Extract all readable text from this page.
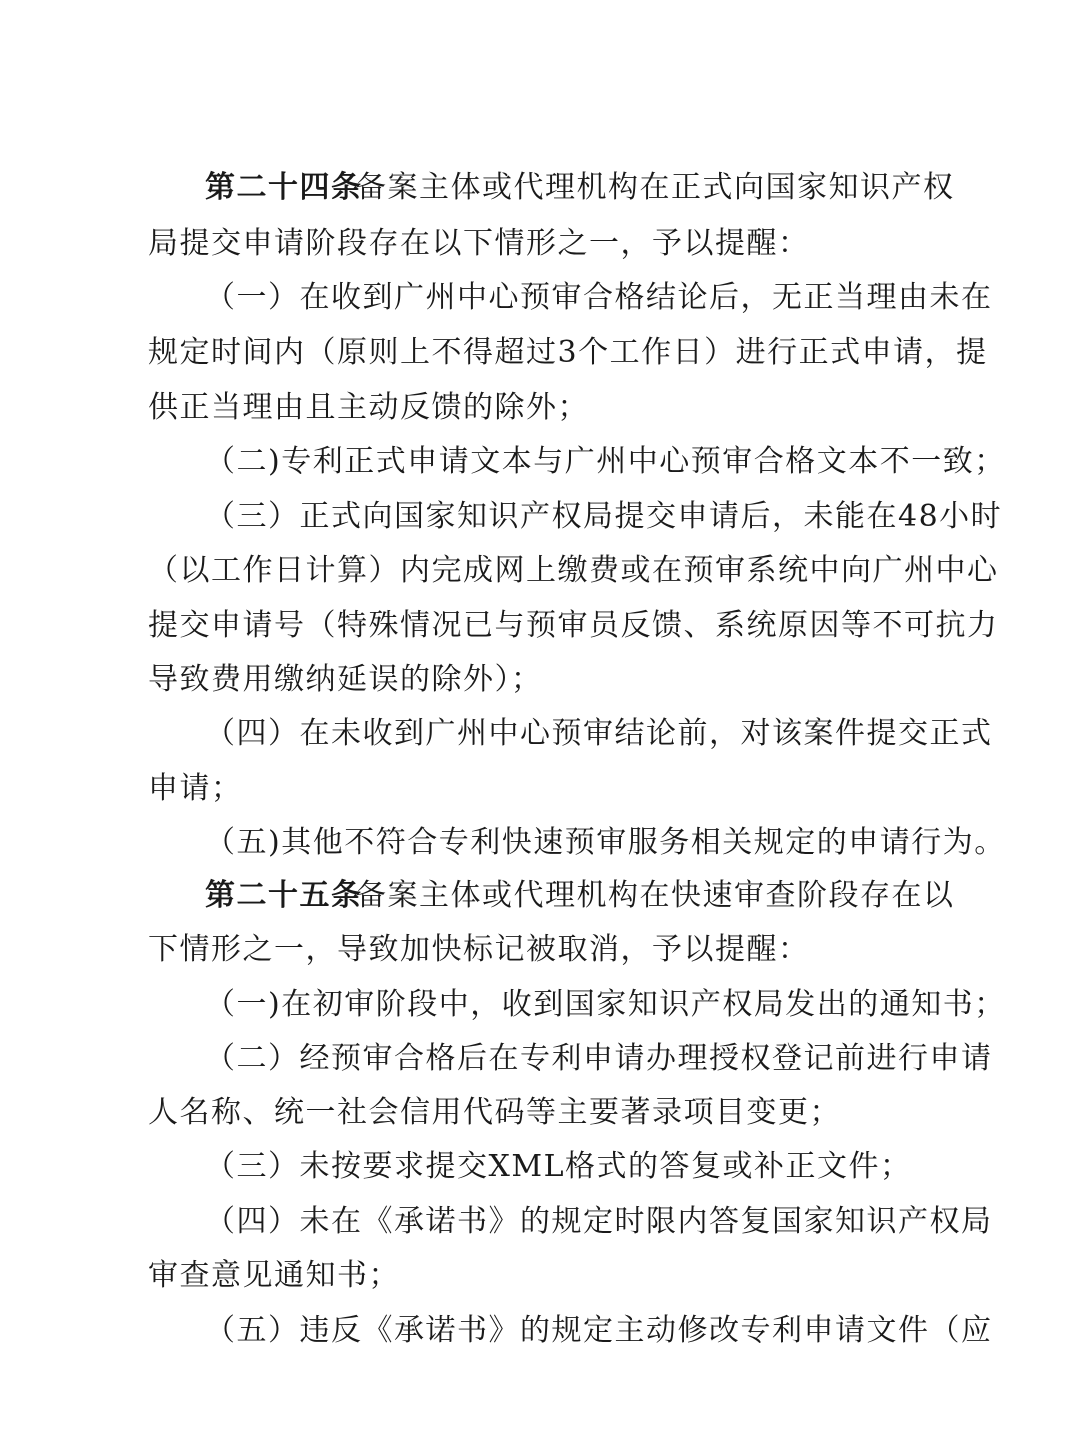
第二十四条
备案主体或代理机构在正式向国家知识产权
局提交申请阶段存在以下情形之一，予以提醒：
（一）在收到广州中心预审合格结论后，无正当理由未在
规定时间内（原则上不得超过3个工作日）进行正式申请，提
供正当理由且主动反馈的除外；
（二)专利正式申请文本与广州中心预审合格文本不一致；
（三）正式向国家知识产权局提交申请后，未能在48小时
（以工作日计算）内完成网上缴费或在预审系统中向广州中心
提交申请号（特殊情况已与预审员反馈、系统原因等不可抗力
导致费用缴纳延误的除外）；
（四）在未收到广州中心预审结论前，对该案件提交正式
申请；
（五)其他不符合专利快速预审服务相关规定的申请行为。
第二十五条
备案主体或代理机构在快速审查阶段存在以
下情形之一，导致加快标记被取消，予以提醒：
（一)在初审阶段中，收到国家知识产权局发出的通知书；
（二）经预审合格后在专利申请办理授权登记前进行申请
人名称、统一社会信用代码等主要著录项目变更；
（三）未按要求提交XML格式的答复或补正文件；
（四）未在《承诺书》的规定时限内答复国家知识产权局
审查意见通知书；
（五）违反《承诺书》的规定主动修改专利申请文件（应
